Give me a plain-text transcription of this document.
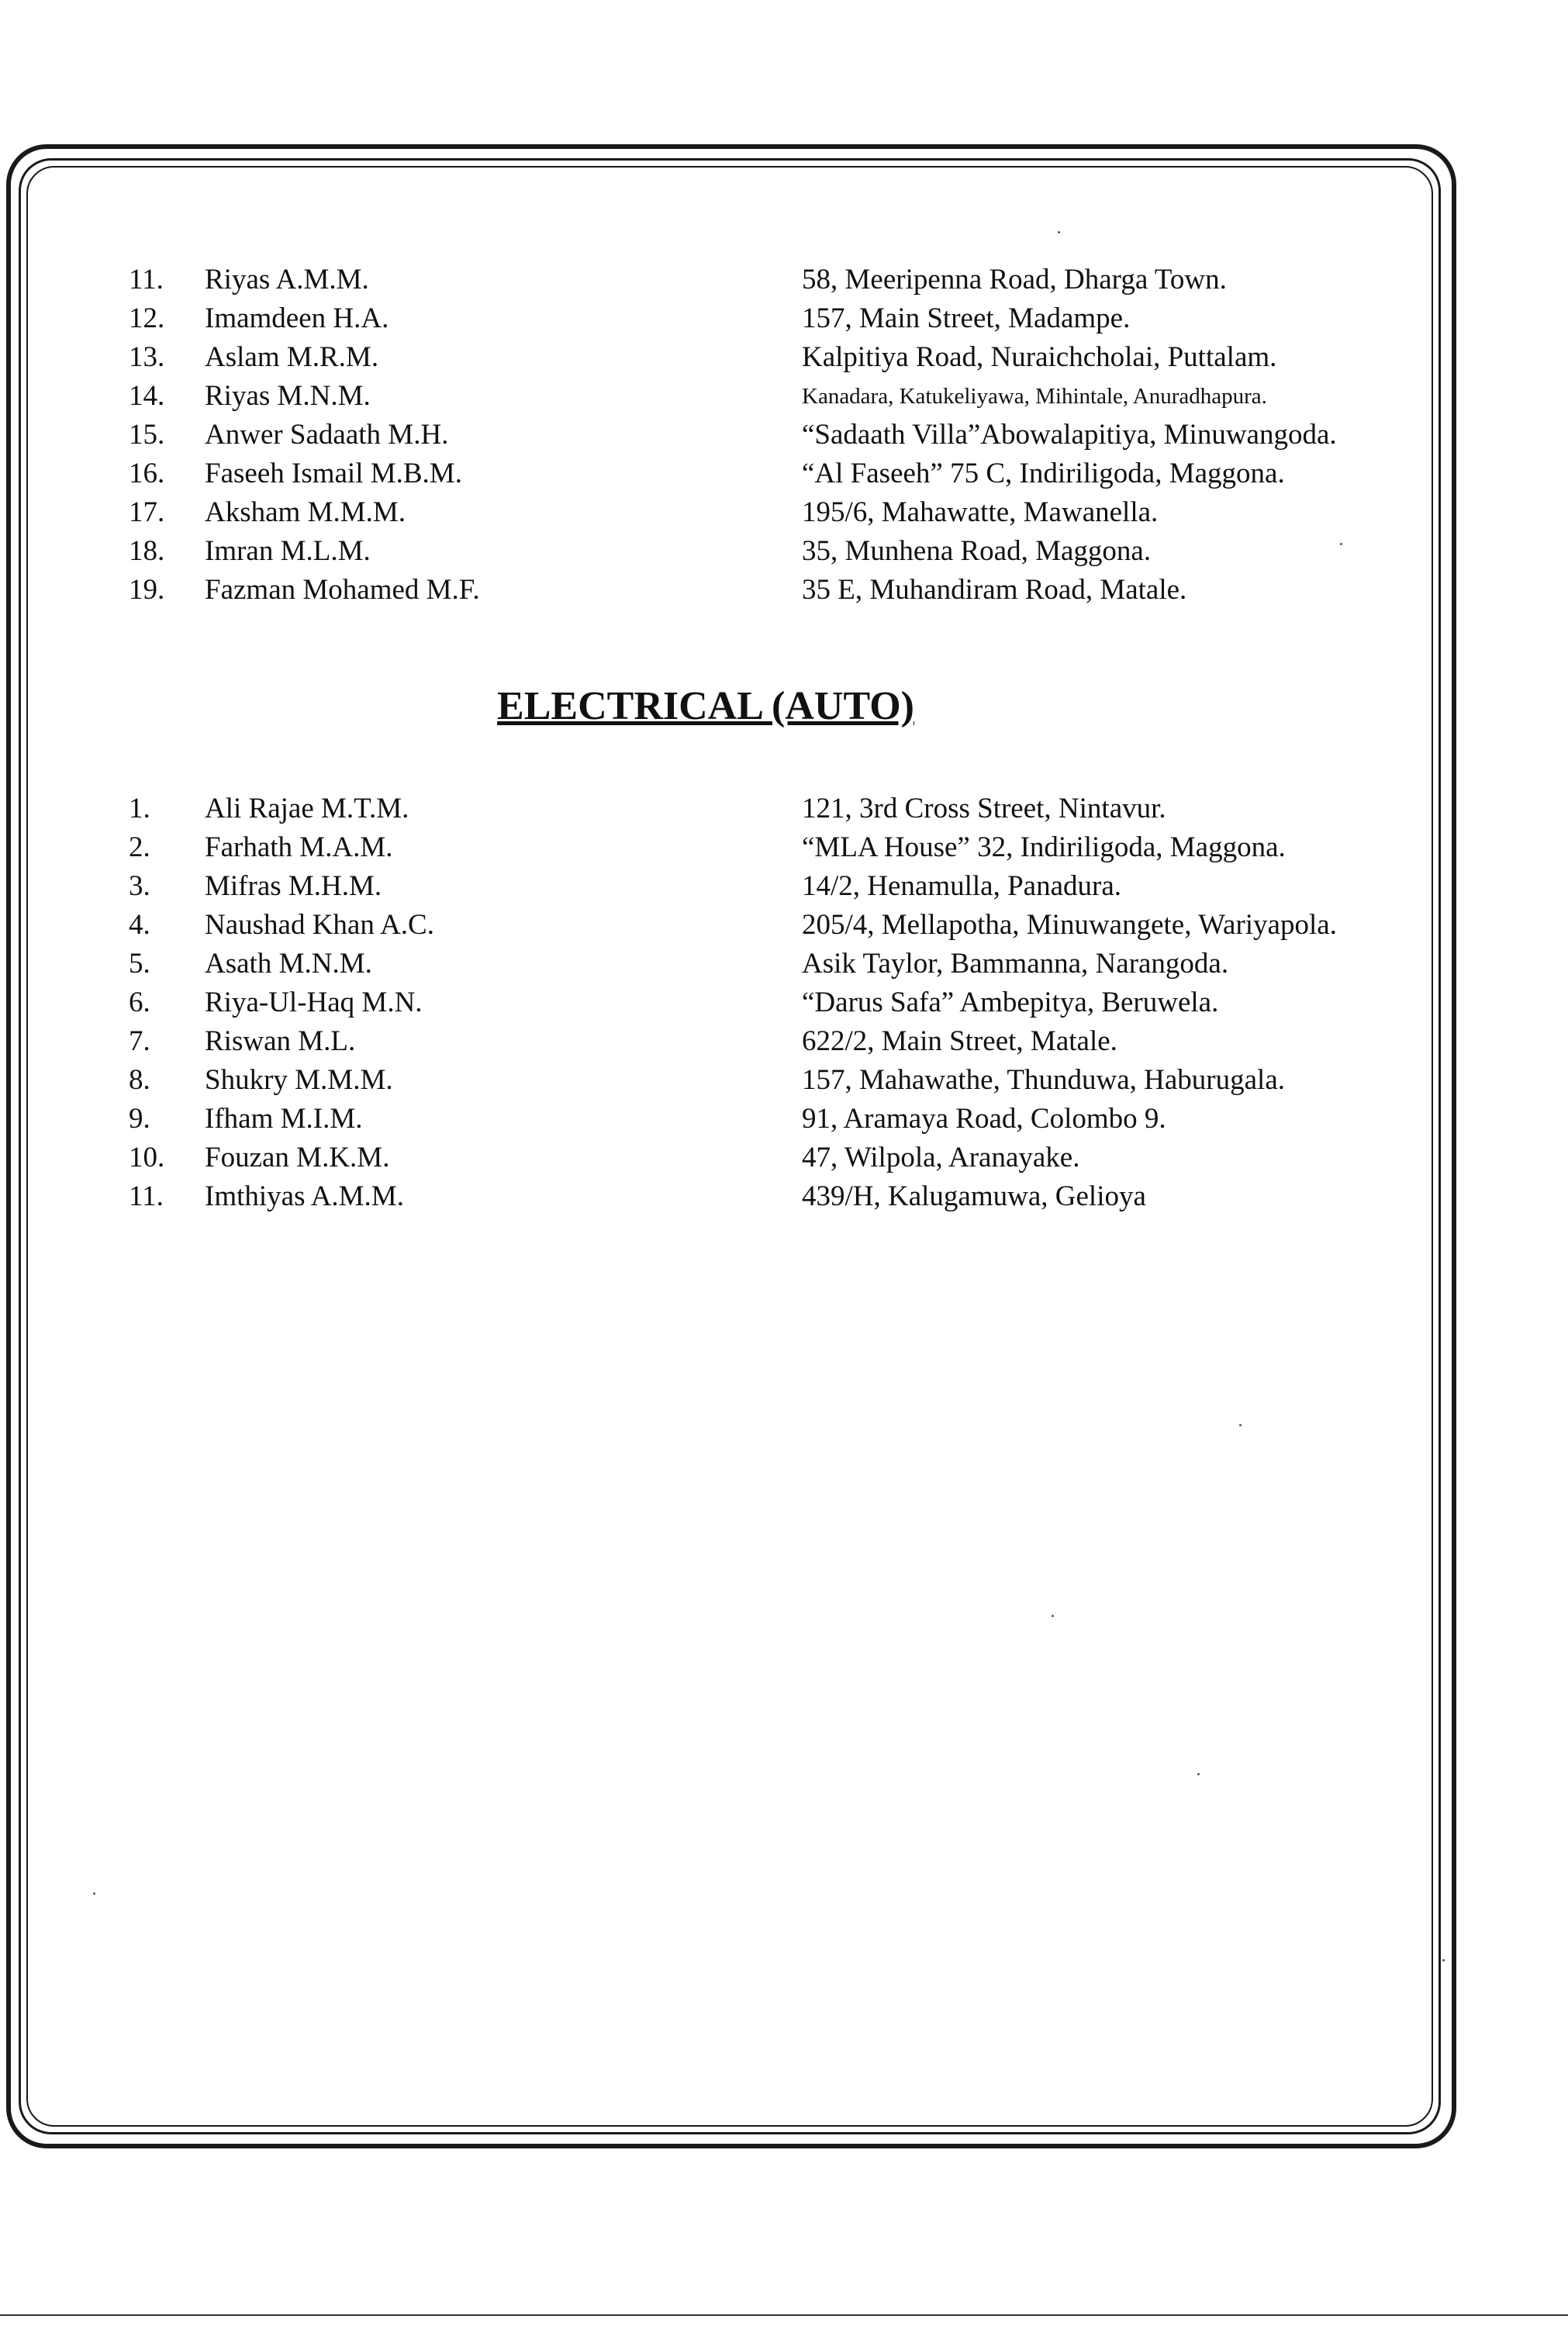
11. Riyas A.M.M.	58, Meeripenna Road, Dharga Town.
12. Imamdeen H.A.	157, Main Street, Madampe.
13. Aslam M.R.M.	Kalpitiya Road, Nuraichcholai, Puttalam.
14. Riyas M.N.M.	Kanadara, Katukeliyawa, Mihintale, Anuradhapura.
15. Anwer Sadaath M.H.	“Sadaath Villa”Abowalapitiya, Minuwangoda.
16. Faseeh Ismail M.B.M.	“Al Faseeh” 75 C, Indiriligoda, Maggona.
17. Aksham M.M.M.	195/6, Mahawatte, Mawanella.
18. Imran M.L.M.	35, Munhena Road, Maggona.
19. Fazman Mohamed M.F.	35 E, Muhandiram Road, Matale.
ELECTRICAL (AUTO)
1. Ali Rajae M.T.M.	121, 3rd Cross Street, Nintavur.
2. Farhath M.A.M.	“MLA House” 32, Indiriligoda, Maggona.
3. Mifras M.H.M.	14/2, Henamulla, Panadura.
4. Naushad Khan A.C.	205/4, Mellapotha, Minuwangete, Wariyapola.
5. Asath M.N.M.	Asik Taylor, Bammanna, Narangoda.
6. Riya-Ul-Haq M.N.	“Darus Safa” Ambepitya, Beruwela.
7. Riswan M.L.	622/2, Main Street, Matale.
8. Shukry M.M.M.	157, Mahawathe, Thunduwa, Haburugala.
9. Ifham M.I.M.	91, Aramaya Road, Colombo 9.
10. Fouzan M.K.M.	47, Wilpola, Aranayake.
11. Imthiyas A.M.M.	439/H, Kalugamuwa, Gelioya
